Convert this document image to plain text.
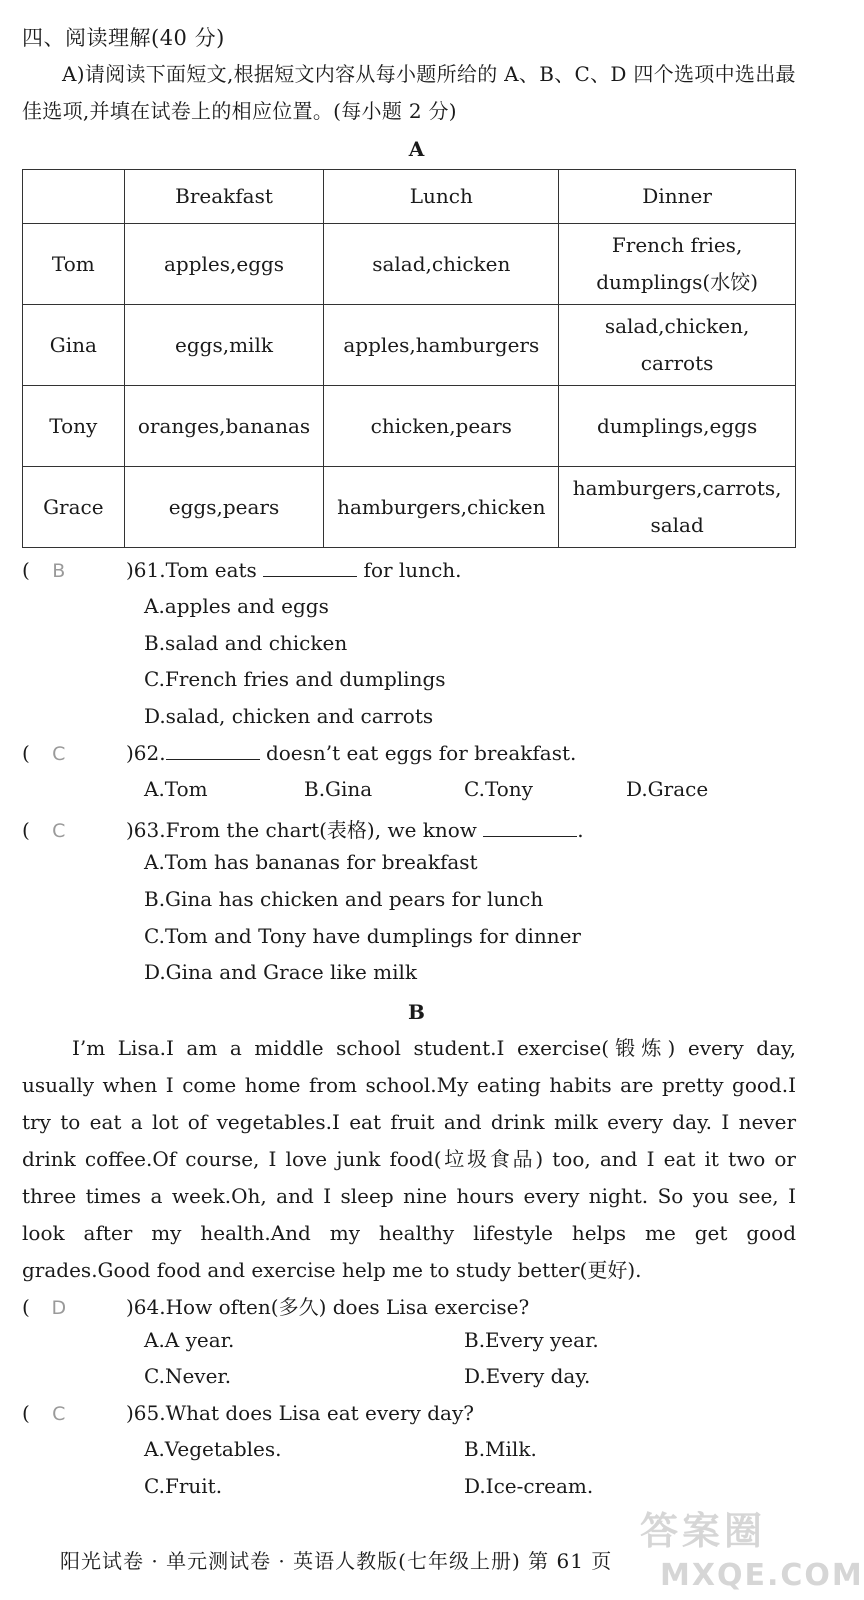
四、阅读理解(40 分)
A)请阅读下面短文,根据短文内容从每小题所给的 A、B、C、D 四个选项中选出最佳选项,并填在试卷上的相应位置。(每小题 2 分)
A
	Breakfast	Lunch	Dinner
Tom	apples,eggs	salad,chicken	French fries,
dumplings(水饺)

Gina	eggs,milk	apples,hamburgers	salad,chicken,
carrots

Tony	oranges,bananas	chicken,pears	dumplings,eggs
Grace	eggs,pears	hamburgers,chicken	hamburgers,carrots,
salad
( B	)61.Tom eats	for lunch.
A.apples and eggs
B.salad and chicken
C.French fries and dumplings
D.salad, chicken and carrots
( C	)62.	doesn’t eat eggs for breakfast.
A.Tom	B.Gina	C.Tony	D.Grace
( C	)63.From the chart(表格), we know	.
A.Tom has bananas for breakfast
B.Gina has chicken and pears for lunch
C.Tom and Tony have dumplings for dinner
D.Gina and Grace like milk
B
I’m Lisa.I am a middle school student.I exercise(锻炼) every day, usually when I come home from school.My eating habits are pretty good.I try to eat a lot of vegetables.I eat fruit and drink milk every day. I never drink coffee.Of course, I love junk food(垃圾食品) too, and I eat it two or three times a week.Oh, and I sleep nine hours every night. So you see, I look after my health.And my healthy lifestyle helps me get good grades.Good food and exercise help me to study better(更好).
( D	)64.How often(多久) does Lisa exercise?
A.A year.	B.Every year.
C.Never.	D.Every day.
( C	)65.What does Lisa eat every day?
A.Vegetables.	B.Milk.
C.Fruit.	D.Ice-cream.
答案圈
MXQE.COM
阳光试卷 · 单元测试卷 · 英语人教版(七年级上册) 第 61 页
